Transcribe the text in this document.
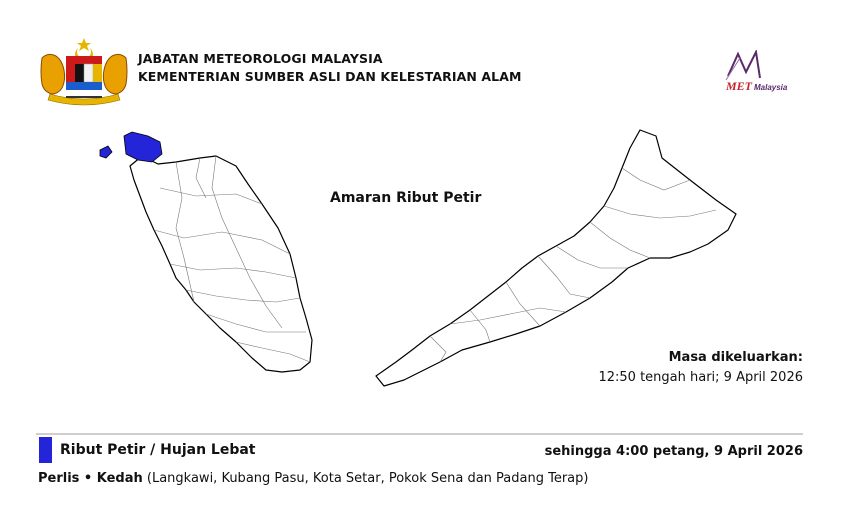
JABATAN METEOROLOGI MALAYSIA
KEMENTERIAN SUMBER ASLI DAN KELESTARIAN ALAM
MET Malaysia
Amaran Ribut Petir
Masa dikeluarkan:
12:50 tengah hari; 9 April 2026
Ribut Petir / Hujan Lebat	sehingga 4:00 petang, 9 April 2026
Perlis • Kedah (Langkawi, Kubang Pasu, Kota Setar, Pokok Sena dan Padang Terap)
